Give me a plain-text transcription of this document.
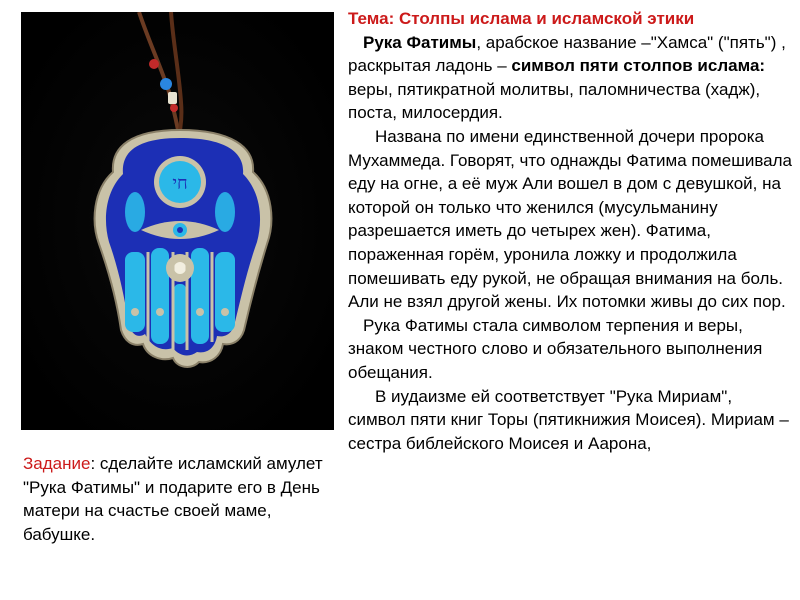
חי

Тема: Столпы ислама и исламской этики

Рука Фатимы, арабское название –"Хамса" ("пять") , раскрытая ладонь – символ пяти столпов ислама: веры, пятикратной молитвы, паломничества (хадж), поста, милосердия.

Названа по имени единственной дочери пророка Мухаммеда. Говорят, что однажды Фатима помешивала еду на огне, а её муж Али вошел в дом с девушкой, на которой он только что женился (мусульманину разрешается иметь до четырех жен). Фатима, пораженная горём, уронила ложку и продолжила помешивать еду рукой, не обращая внимания на боль. Али не взял другой жены. Их потомки живы до сих пор.

Рука Фатимы стала символом терпения и веры, знаком честного слово и обязательного выполнения обещания.

В иудаизме ей соответствует "Рука Мириам", символ пяти книг Торы (пятикнижия Моисея). Мириам – сестра библейского Моисея и Аарона,

Задание: сделайте исламский амулет "Рука Фатимы" и подарите его в День матери на счастье своей маме, бабушке.
